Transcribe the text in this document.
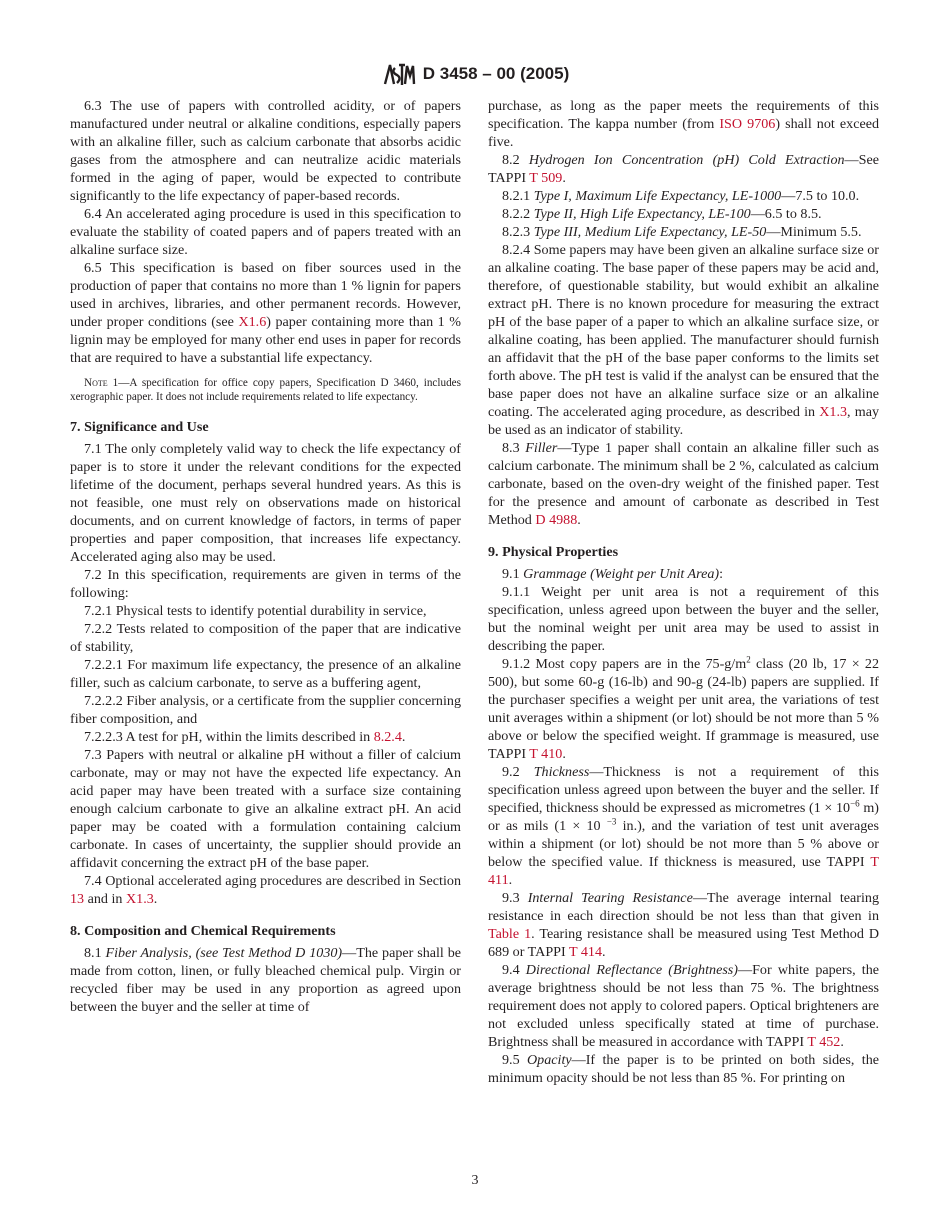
D 3458 – 00 (2005)
6.3 The use of papers with controlled acidity, or of papers manufactured under neutral or alkaline conditions, especially papers with an alkaline filler, such as calcium carbonate that absorbs acidic gases from the atmosphere and can neutralize acidic materials formed in the aging of paper, would be expected to contribute significantly to the life expectancy of paper-based records.
6.4 An accelerated aging procedure is used in this specification to evaluate the stability of coated papers and of papers treated with an alkaline surface size.
6.5 This specification is based on fiber sources used in the production of paper that contains no more than 1 % lignin for papers used in archives, libraries, and other permanent records. However, under proper conditions (see X1.6) paper containing more than 1 % lignin may be employed for many other end uses in paper for records that are required to have a substantial life expectancy.
Note 1—A specification for office copy papers, Specification D 3460, includes xerographic paper. It does not include requirements related to life expectancy.
7. Significance and Use
7.1 The only completely valid way to check the life expectancy of paper is to store it under the relevant conditions for the expected lifetime of the document, perhaps several hundred years. As this is not feasible, one must rely on observations made on historical documents, and on current knowledge of factors, in terms of paper properties and paper composition, that increases life expectancy. Accelerated aging also may be used.
7.2 In this specification, requirements are given in terms of the following:
7.2.1 Physical tests to identify potential durability in service,
7.2.2 Tests related to composition of the paper that are indicative of stability,
7.2.2.1 For maximum life expectancy, the presence of an alkaline filler, such as calcium carbonate, to serve as a buffering agent,
7.2.2.2 Fiber analysis, or a certificate from the supplier concerning fiber composition, and
7.2.2.3 A test for pH, within the limits described in 8.2.4.
7.3 Papers with neutral or alkaline pH without a filler of calcium carbonate, may or may not have the expected life expectancy. An acid paper may have been treated with a surface size containing enough calcium carbonate to give an alkaline extract pH. An acid paper may be coated with a formulation containing calcium carbonate. In cases of uncertainty, the supplier should provide an affidavit concerning the extract pH of the base paper.
7.4 Optional accelerated aging procedures are described in Section 13 and in X1.3.
8. Composition and Chemical Requirements
8.1 Fiber Analysis, (see Test Method D 1030)—The paper shall be made from cotton, linen, or fully bleached chemical pulp. Virgin or recycled fiber may be used in any proportion as agreed upon between the buyer and the seller at time of
purchase, as long as the paper meets the requirements of this specification. The kappa number (from ISO 9706) shall not exceed five.
8.2 Hydrogen Ion Concentration (pH) Cold Extraction—See TAPPI T 509.
8.2.1 Type I, Maximum Life Expectancy, LE-1000—7.5 to 10.0.
8.2.2 Type II, High Life Expectancy, LE-100—6.5 to 8.5.
8.2.3 Type III, Medium Life Expectancy, LE-50—Minimum 5.5.
8.2.4 Some papers may have been given an alkaline surface size or an alkaline coating. The base paper of these papers may be acid and, therefore, of questionable stability, but would exhibit an alkaline extract pH. There is no known procedure for measuring the extract pH of the base paper of a paper to which an alkaline surface size, or alkaline coating, has been applied. The manufacturer should furnish an affidavit that the pH of the base paper conforms to the limits set forth above. The pH test is valid if the analyst can be ensured that the base paper does not have an alkaline surface size or an alkaline coating. The accelerated aging procedure, as described in X1.3, may be used as an indicator of stability.
8.3 Filler—Type 1 paper shall contain an alkaline filler such as calcium carbonate. The minimum shall be 2 %, calculated as calcium carbonate, based on the oven-dry weight of the finished paper. Test for the presence and amount of carbonate as described in Test Method D 4988.
9. Physical Properties
9.1 Grammage (Weight per Unit Area):
9.1.1 Weight per unit area is not a requirement of this specification, unless agreed upon between the buyer and the seller, but the nominal weight per unit area may be used to assist in describing the paper.
9.1.2 Most copy papers are in the $75-g/m^2$ class (20 lb, 17 × 22 500), but some 60-g (16-lb) and 90-g (24-lb) papers are supplied. If the purchaser specifies a weight per unit area, the variations of test unit averages within a shipment (or lot) should be not more than 5 % above or below the specified weight. If grammage is measured, use TAPPI T 410.
9.2 Thickness—Thickness is not a requirement of this specification unless agreed upon between the buyer and the seller. If specified, thickness should be expressed as micrometres ($1 \times 10^{-6}$ m) or as mils (1 × 10 $^{-3}$ in.), and the variation of test unit averages within a shipment (or lot) should be not more than 5 % above or below the specified value. If thickness is measured, use TAPPI T 411.
9.3 Internal Tearing Resistance—The average internal tearing resistance in each direction should be not less than that given in Table 1. Tearing resistance shall be measured using Test Method D 689 or TAPPI T 414.
9.4 Directional Reflectance (Brightness)—For white papers, the average brightness should be not less than 75 %. The brightness requirement does not apply to colored papers. Optical brighteners are not excluded unless specifically stated at time of purchase. Brightness shall be measured in accordance with TAPPI T 452.
9.5 Opacity—If the paper is to be printed on both sides, the minimum opacity should be not less than 85 %. For printing on
3
